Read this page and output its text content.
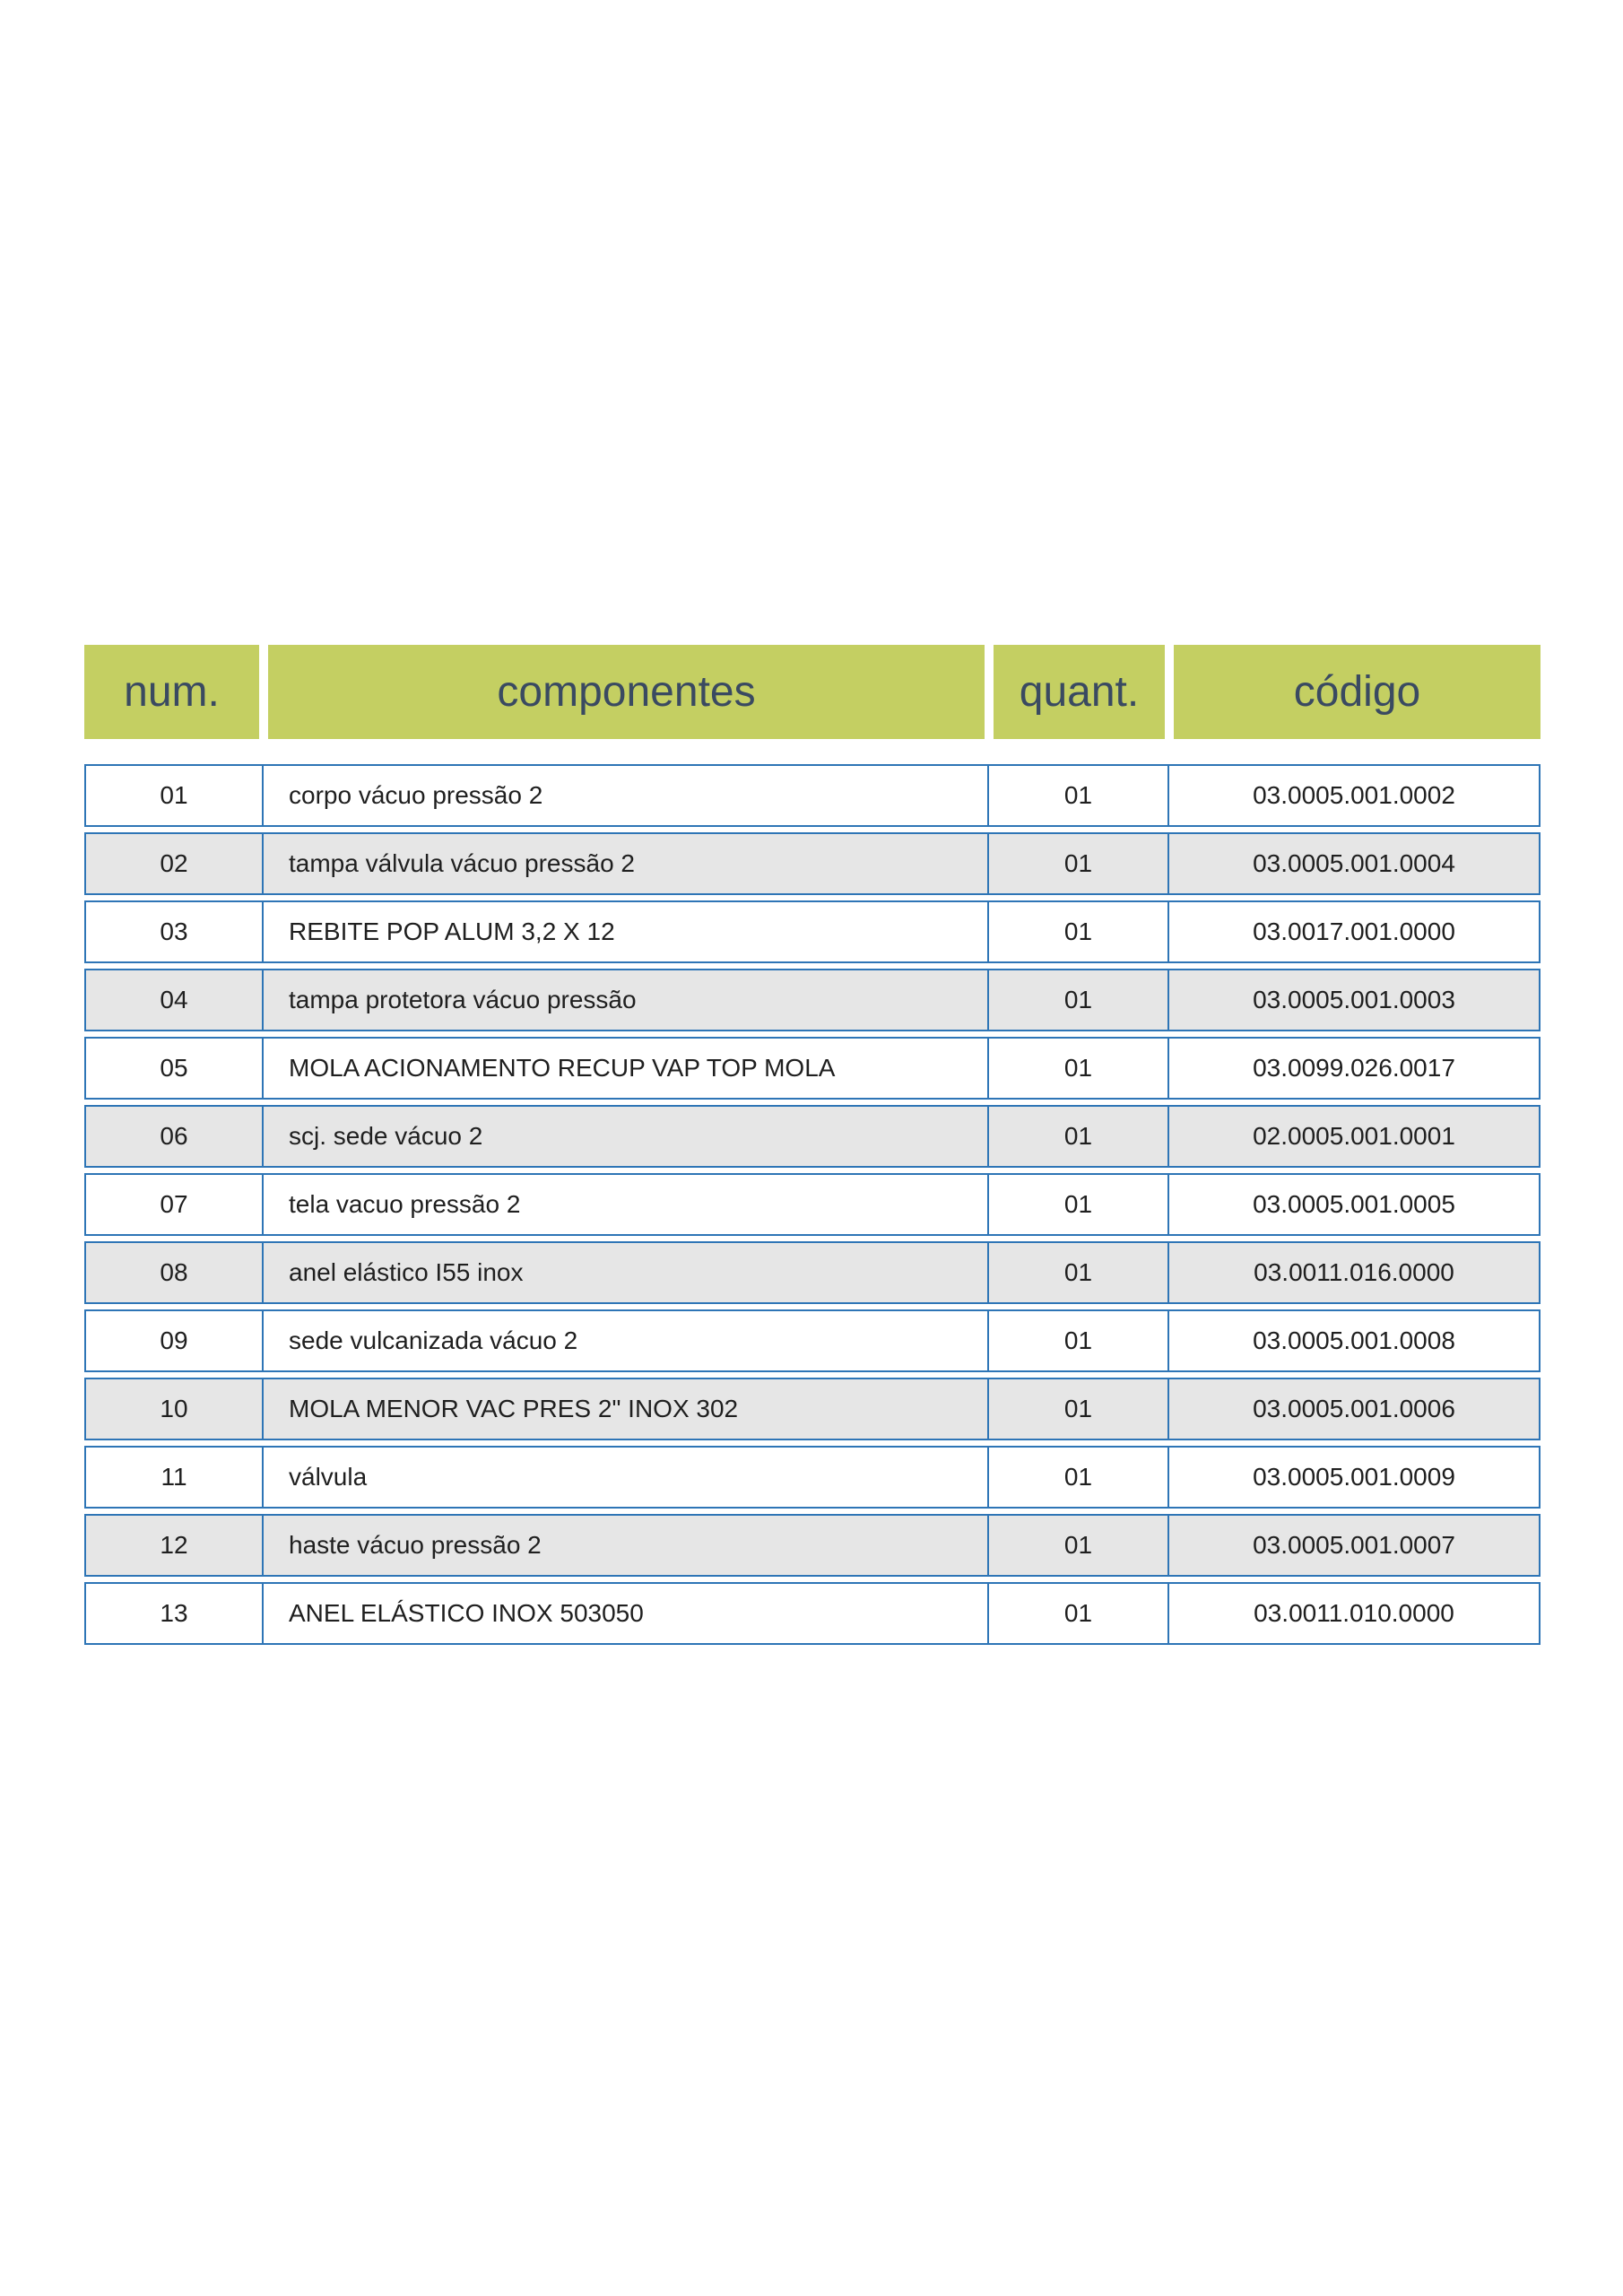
num.	componentes	quant.	código
01	corpo vácuo pressão 2	01	03.0005.001.0002
02	tampa válvula vácuo pressão 2	01	03.0005.001.0004
03	REBITE POP ALUM 3,2 X 12	01	03.0017.001.0000
04	tampa protetora vácuo pressão	01	03.0005.001.0003
05	MOLA ACIONAMENTO RECUP VAP TOP MOLA	01	03.0099.026.0017
06	scj. sede vácuo 2	01	02.0005.001.0001
07	tela vacuo pressão 2	01	03.0005.001.0005
08	anel elástico I55 inox	01	03.0011.016.0000
09	sede vulcanizada vácuo 2	01	03.0005.001.0008
10	MOLA MENOR VAC PRES 2" INOX 302	01	03.0005.001.0006
11	válvula	01	03.0005.001.0009
12	haste vácuo pressão 2	01	03.0005.001.0007
13	ANEL ELÁSTICO INOX 503050	01	03.0011.010.0000
